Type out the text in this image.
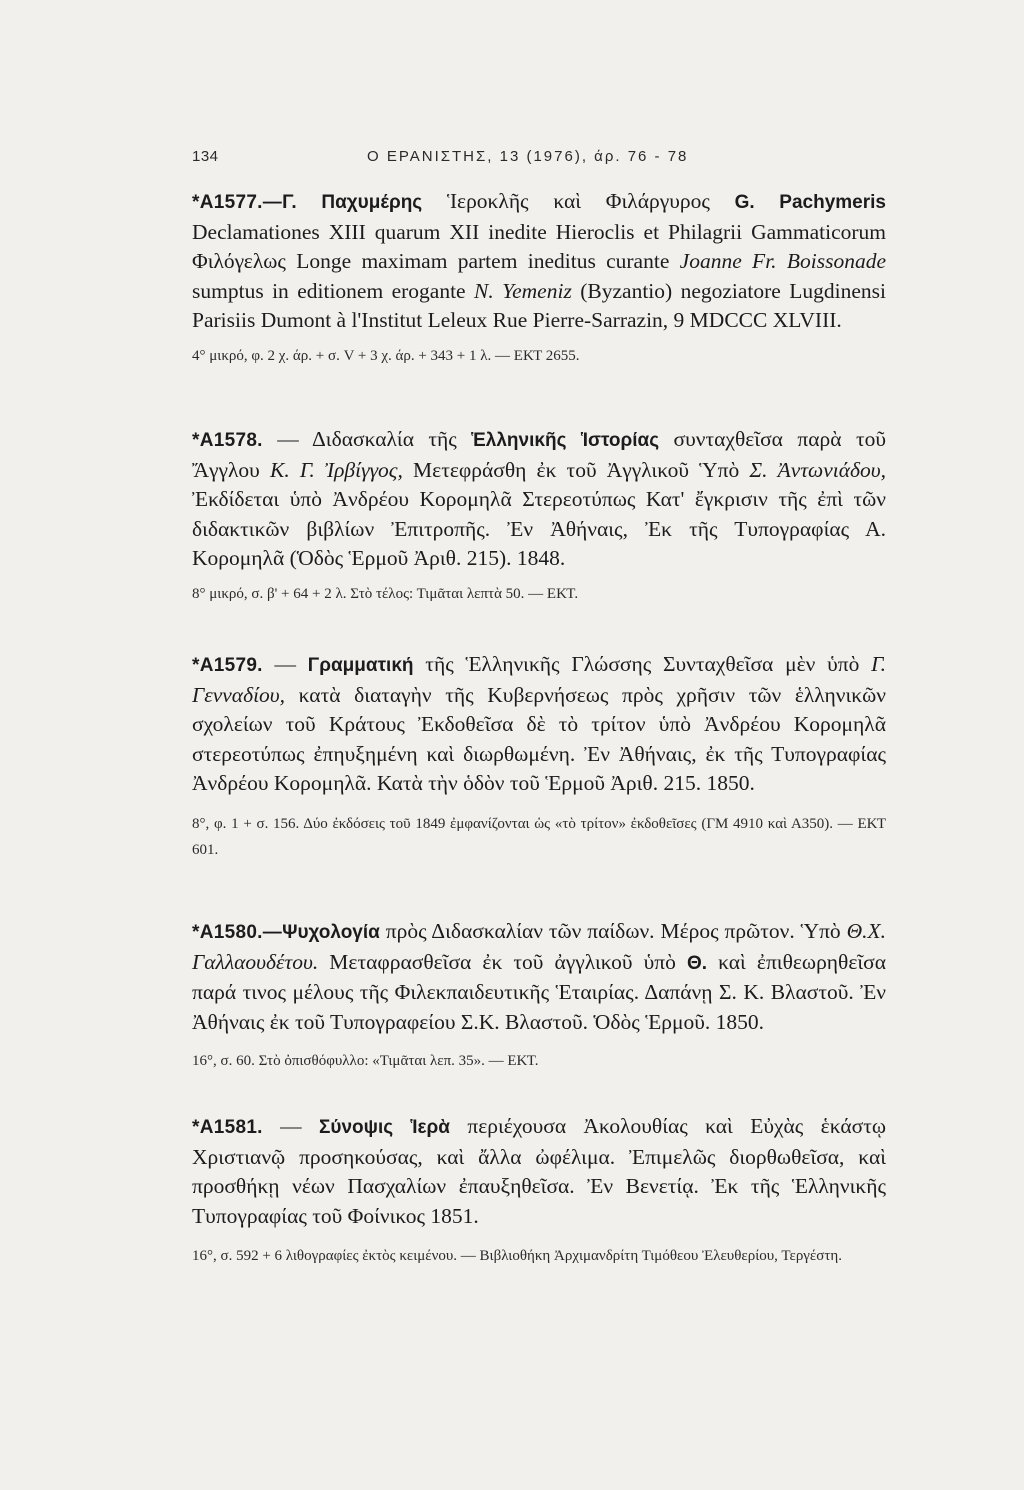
134	Ο ΕΡΑΝΙΣΤΗΣ, 13 (1976), άρ. 76 - 78

*Α1577.—Γ. Παχυμέρης Ἱεροκλῆς καὶ Φιλάργυρος G. Pachymeris Declamationes XIII quarum XII inedite Hieroclis et Philagrii Gammaticorum Φιλόγελως Longe maximam partem ineditus curante Joanne Fr. Boissonade sumptus in editionem erogante N. Yemeniz (Byzantio) negoziatore Lugdinensi Parisiis Dumont à l'Institut Leleux Rue Pierre-Sarrazin, 9 MDCCC XLVIII.

4° μικρό, φ. 2 χ. άρ. + σ. V + 3 χ. άρ. + 343 + 1 λ. — ΕΚΤ 2655.

*Α1578. — Διδασκαλία τῆς Ἑλληνικῆς Ἱστορίας συνταχθεῖσα παρὰ τοῦ Ἄγγλου Κ. Γ. Ἰρβίγγος, Μετεφράσθη ἐκ τοῦ Ἀγγλικοῦ Ὑπὸ Σ. Ἀντωνιάδου, Ἐκδίδεται ὑπὸ Ἀνδρέου Κορομηλᾶ Στερεοτύπως Κατ' ἔγκρισιν τῆς ἐπὶ τῶν διδακτικῶν βιβλίων Ἐπιτροπῆς. Ἐν Ἀθήναις, Ἐκ τῆς Τυπογραφίας Α. Κορομηλᾶ (Ὁδὸς Ἑρμοῦ Ἀριθ. 215). 1848.

8° μικρό, σ. β' + 64 + 2 λ. Στὸ τέλος: Τιμᾶται λεπτὰ 50. — ΕΚΤ.

*Α1579. — Γραμματική τῆς Ἑλληνικῆς Γλώσσης Συνταχθεῖσα μὲν ὑπὸ Γ. Γενναδίου, κατὰ διαταγὴν τῆς Κυβερνήσεως πρὸς χρῆσιν τῶν ἑλληνικῶν σχολείων τοῦ Κράτους Ἐκδοθεῖσα δὲ τὸ τρίτον ὑπὸ Ἀνδρέου Κορομηλᾶ στερεοτύπως ἐπηυξημένη καὶ διωρθωμένη. Ἐν Ἀθήναις, ἐκ τῆς Τυπογραφίας Ἀνδρέου Κορομηλᾶ. Κατὰ τὴν ὁδὸν τοῦ Ἑρμοῦ Ἀριθ. 215. 1850.

8°, φ. 1 + σ. 156. Δύο ἐκδόσεις τοῦ 1849 ἐμφανίζονται ὡς «τὸ τρίτον» ἐκδοθεῖσες (ΓΜ 4910 καὶ Α350). — ΕΚΤ 601.

*Α1580.—Ψυχολογία πρὸς Διδασκαλίαν τῶν παίδων. Μέρος πρῶτον. Ὑπὸ Θ.Χ. Γαλλαουδέτου. Μεταφρασθεῖσα ἐκ τοῦ ἀγγλικοῦ ὑπὸ Θ. καὶ ἐπιθεωρηθεῖσα παρά τινος μέλους τῆς Φιλεκπαιδευτικῆς Ἑταιρίας. Δαπάνῃ Σ. Κ. Βλαστοῦ. Ἐν Ἀθήναις ἐκ τοῦ Τυπογραφείου Σ.Κ. Βλαστοῦ. Ὁδὸς Ἑρμοῦ. 1850.

16°, σ. 60. Στὸ ὀπισθόφυλλο: «Τιμᾶται λεπ. 35». — ΕΚΤ.

*Α1581. — Σύνοψις Ἱερὰ περιέχουσα Ἀκολουθίας καὶ Εὐχὰς ἑκάστῳ Χριστιανῷ προσηκούσας, καὶ ἄλλα ὠφέλιμα. Ἐπιμελῶς διορθωθεῖσα, καὶ προσθήκῃ νέων Πασχαλίων ἐπαυξηθεῖσα. Ἐν Βενετίᾳ. Ἐκ τῆς Ἑλληνικῆς Τυπογραφίας τοῦ Φοίνικος 1851.

16°, σ. 592 + 6 λιθογραφίες ἐκτὸς κειμένου. — Βιβλιοθήκη Ἀρχιμανδρίτη Τιμόθεου Ἐλευθερίου, Τεργέστη.
